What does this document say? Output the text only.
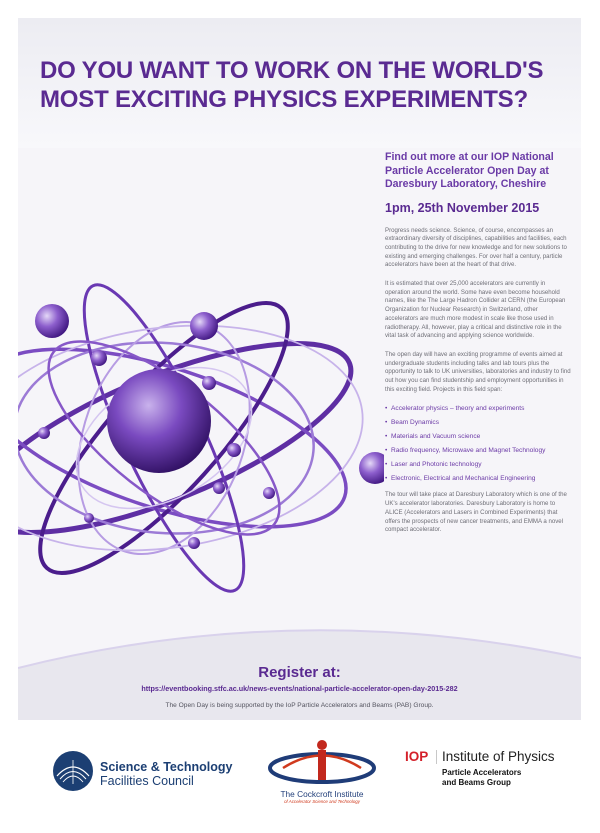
DO YOU WANT TO WORK ON THE WORLD'S MOST EXCITING PHYSICS EXPERIMENTS?

Find out more at our IOP National Particle Accelerator Open Day at Daresbury Laboratory, Cheshire

1pm, 25th November 2015

Progress needs science. Science, of course, encompasses an extraordinary diversity of disciplines, capabilities and facilities, each contributing to the drive for new knowledge and for new solutions to existing and emerging challenges. For over half a century, particle accelerators have been at the heart of that drive.

It is estimated that over 25,000 accelerators are currently in operation around the world. Some have even become household names, like the The Large Hadron Collider at CERN (the European Organization for Nuclear Research) in Switzerland, other accelerators are much more modest in scale like those used in radiotherapy. All, however, play a critical and distinctive role in the vital task of advancing and applying science worldwide.

The open day will have an exciting programme of events aimed at undergraduate students including talks and lab tours plus the opportunity to talk to UK universities, laboratories and industry to find out how you can find studentship and employment opportunities in this exciting field. Projects in this field span:

• Accelerator physics – theory and experiments
• Beam Dynamics
• Materials and Vacuum science
• Radio frequency, Microwave and Magnet Technology
• Laser and Photonic technology
• Electronic, Electrical and Mechanical Engineering

The tour will take place at Daresbury Laboratory which is one of the UK's accelerator laboratories. Daresbury Laboratory is home to ALICE (Accelerators and Lasers in Combined Experiments) that offers the prospects of new cancer treatments, and EMMA a novel compact accelerator.

Register at:

https://eventbooking.stfc.ac.uk/news-events/national-particle-accelerator-open-day-2015-282

The Open Day is being supported by the IoP Particle Accelerators and Beams (PAB) Group.

Science & Technology
Facilities Council
The Cockcroft Institute
of Accelerator Science and Technology
IOP Institute of Physics
Particle Accelerators
and Beams Group
